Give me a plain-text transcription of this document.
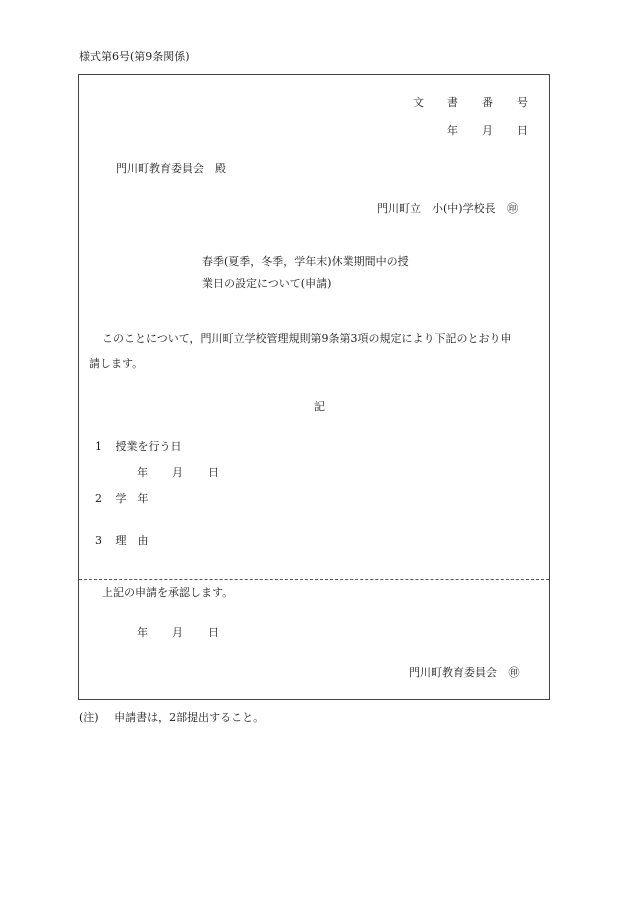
様式第6号(第9条関係)
文 書 番 号
年 月 日
門川町教育委員会　殿
門川町立　小(中)学校長 ㊞
春季(夏季，冬季，学年末)休業期間中の授
業日の設定について(申請)
このことについて，門川町立学校管理規則第9条第3項の規定により下記のとおり申
請します。
記
1 授業を行う日
年 月 日
2 学　年
3 理　由
上記の申請を承認します。
年 月 日
門川町教育委員会 ㊞
(注) 申請書は，2部提出すること。
